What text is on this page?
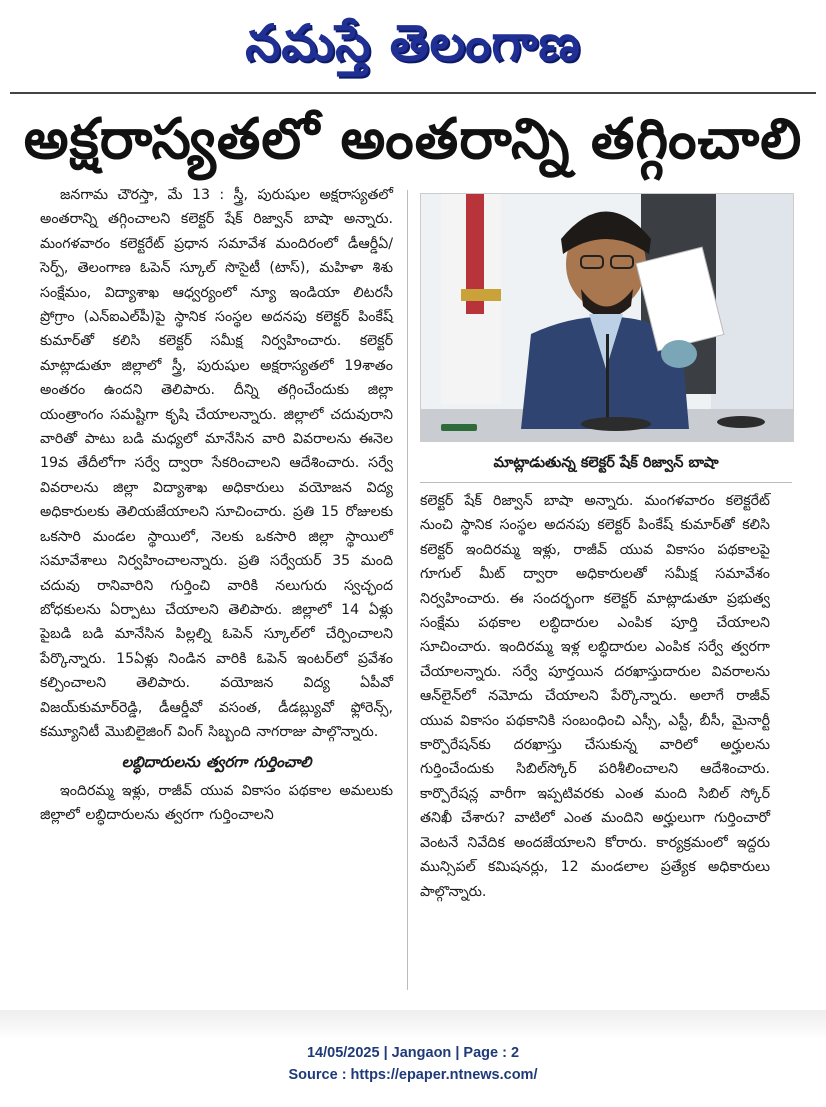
నమస్తే తెలంగాణ
అక్షరాస్యతలో అంతరాన్ని తగ్గించాలి

జనగామ చౌరస్తా, మే 13 : స్త్రీ, పురుషుల అక్షరాస్యతలో అంతరాన్ని తగ్గించాలని కలెక్టర్‌ షేక్‌ రిజ్వాన్‌ బాషా అన్నారు. మంగళవారం కలెక్టరేట్‌ ప్రధాన సమావేశ మందిరంలో డీఆర్డీఏ/సెర్ప్‌, తెలంగాణ ఓపెన్‌ స్కూల్‌ సొసైటీ (టాస్‌), మహిళా శిశు సంక్షేమం, విద్యాశాఖ ఆధ్వర్యంలో న్యూ ఇండియా లిటరసీ ప్రోగ్రాం (ఎన్‌ఐఎల్‌పీ)పై స్థానిక సంస్థల అదనపు కలెక్టర్‌ పింకేష్‌ కుమార్‌తో కలిసి కలెక్టర్‌ సమీక్ష నిర్వహించారు. కలెక్టర్‌ మాట్లాడుతూ జిల్లాలో స్త్రీ, పురుషుల అక్షరాస్యతలో 19శాతం అంతరం ఉందని తెలిపారు. దీన్ని తగ్గించేందుకు జిల్లా యంత్రాంగం సమష్టిగా కృషి చేయాలన్నారు. జిల్లాలో చదువురాని వారితో పాటు బడి మధ్యలో మానేసిన వారి వివరాలను ఈనెల 19వ తేదీలోగా సర్వే ద్వారా సేకరించాలని ఆదేశించారు. సర్వే వివరాలను జిల్లా విద్యాశాఖ అధికారులు వయోజన విద్య అధికారులకు తెలియజేయాలని సూచించారు. ప్రతి 15 రోజులకు ఒకసారి మండల స్థాయిలో, నెలకు ఒకసారి జిల్లా స్థాయిలో సమావేశాలు నిర్వహించాలన్నారు. ప్రతి సర్వేయర్‌ 35 మంది చదువు రానివారిని గుర్తించి వారికి నలుగురు స్వచ్ఛంద బోధకులను ఏర్పాటు చేయాలని తెలిపారు. జిల్లాలో 14 ఏళ్లు పైబడి బడి మానేసిన పిల్లల్ని ఓపెన్‌ స్కూల్‌లో చేర్పించాలని పేర్కొన్నారు. 15ఏళ్లు నిండిన వారికి ఓపెన్‌ ఇంటర్‌లో ప్రవేశం కల్పించాలని తెలిపారు. వయోజన విద్య ఏపీవో విజయ్‌కుమార్‌రెడ్డి, డీఆర్డీవో వసంత, డీడబ్ల్యువో ఫ్లోరెన్స్‌, కమ్యూనిటీ మొబిలైజింగ్‌ వింగ్‌ సిబ్బంది నాగరాజు పాల్గొన్నారు.

లబ్ధిదారులను త్వరగా గుర్తించాలి

ఇందిరమ్మ ఇళ్లు, రాజీవ్‌ యువ వికాసం పథకాల అమలుకు జిల్లాలో లబ్ధిదారులను త్వరగా గుర్తించాలని

మాట్లాడుతున్న కలెక్టర్‌ షేక్‌ రిజ్వాన్‌ బాషా

కలెక్టర్‌ షేక్‌ రిజ్వాన్‌ బాషా అన్నారు. మంగళవారం కలెక్టరేట్‌ నుంచి స్థానిక సంస్థల అదనపు కలెక్టర్‌ పింకేష్‌ కుమార్‌తో కలిసి కలెక్టర్‌ ఇందిరమ్మ ఇళ్లు, రాజీవ్‌ యువ వికాసం పథకాలపై గూగుల్‌ మీట్‌ ద్వారా అధికారులతో సమీక్ష సమావేశం నిర్వహించారు. ఈ సందర్భంగా కలెక్టర్‌ మాట్లాడుతూ ప్రభుత్వ సంక్షేమ పథకాల లబ్ధిదారుల ఎంపిక పూర్తి చేయాలని సూచించారు. ఇందిరమ్మ ఇళ్ల లబ్ధిదారుల ఎంపిక సర్వే త్వరగా చేయాలన్నారు. సర్వే పూర్తయిన దరఖాస్తుదారుల వివరాలను ఆన్‌లైన్‌లో నమోదు చేయాలని పేర్కొన్నారు. అలాగే రాజీవ్‌ యువ వికాసం పథకానికి సంబంధించి ఎస్సీ, ఎస్టీ, బీసీ, మైనార్టీ కార్పొరేషన్‌కు దరఖాస్తు చేసుకున్న వారిలో అర్హులను గుర్తించేందుకు సిబిల్‌స్కోర్‌ పరిశీలించాలని ఆదేశించారు. కార్పొరేషన్ల వారీగా ఇప్పటివరకు ఎంత మంది సిబిల్‌ స్కోర్‌ తనిఖీ చేశారు? వాటిలో ఎంత మందిని అర్హులుగా గుర్తించారో వెంటనే నివేదిక అందజేయాలని కోరారు. కార్యక్రమంలో ఇద్దరు మున్సిపల్‌ కమిషనర్లు, 12 మండలాల ప్రత్యేక అధికారులు పాల్గొన్నారు.

14/05/2025 | Jangaon | Page : 2
Source : https://epaper.ntnews.com/
